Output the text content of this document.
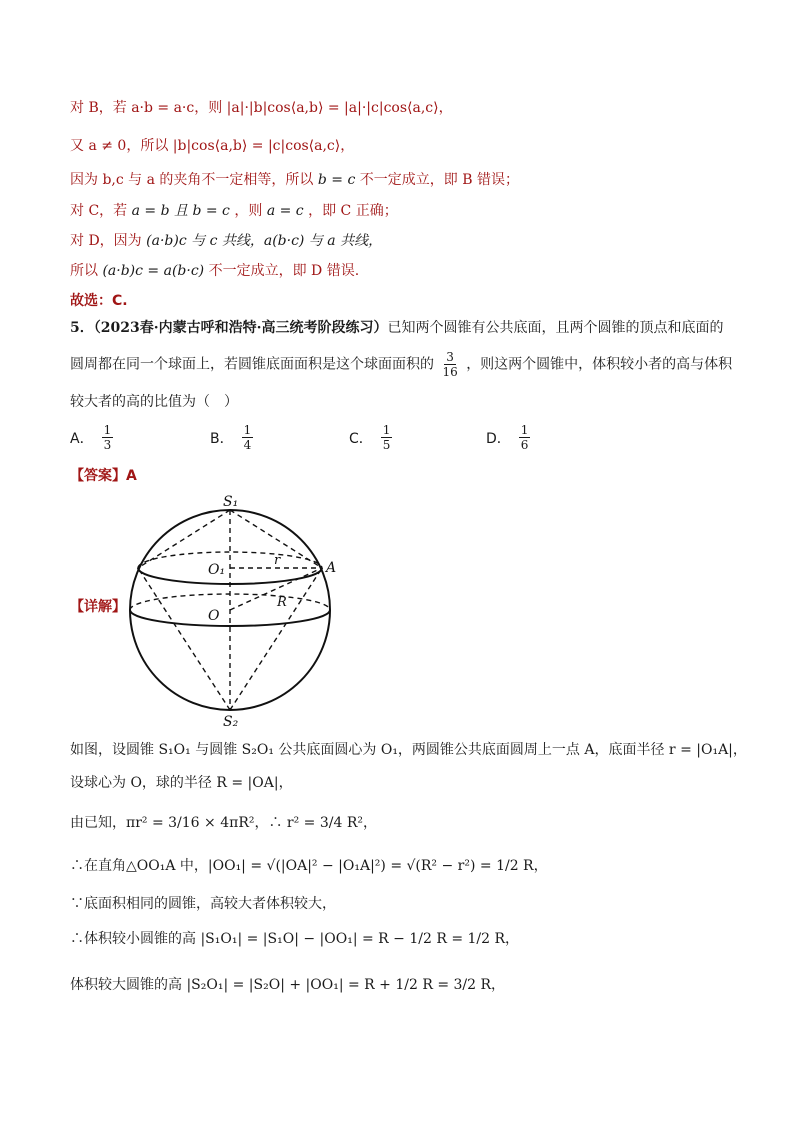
对 B，若 a·b = a·c，则 |a|·|b|cos⟨a,b⟩ = |a|·|c|cos⟨a,c⟩，
又 a ≠ 0，所以 |b|cos⟨a,b⟩ = |c|cos⟨a,c⟩，
因为 b,c 与 a 的夹角不一定相等，所以 b = c 不一定成立，即 B 错误；
对 C，若 a = b 且 b = c ，则 a = c ，即 C 正确；
对 D，因为 (a·b)c 与 c 共线，a(b·c) 与 a 共线，
所以 (a·b)c = a(b·c) 不一定成立，即 D 错误.
故选：C.
5．（2023春·内蒙古呼和浩特·高三统考阶段练习）已知两个圆锥有公共底面，且两个圆锥的顶点和底面的
圆周都在同一个球面上，若圆锥底面面积是这个球面面积的 $\frac{3}{16}$ ，则这两个圆锥中，体积较小者的高与体积
较大者的高的比值为（　）
A． $\frac{1}{3}$	B． $\frac{1}{4}$	C． $\frac{1}{5}$	D． $\frac{1}{6}$
【答案】A
【详解】
S₁
S₂
O₁
O
r
R
A
如图，设圆锥 S₁O₁ 与圆锥 S₂O₁ 公共底面圆心为 O₁，两圆锥公共底面圆周上一点 A，底面半径 r = |O₁A|，
设球心为 O，球的半径 R = |OA|，
由已知，πr² = 3/16 × 4πR²，∴ r² = 3/4 R²，
∴在直角△OO₁A 中，|OO₁| = √(|OA|² − |O₁A|²) = √(R² − r²) = 1/2 R，
∵底面积相同的圆锥，高较大者体积较大，
∴体积较小圆锥的高 |S₁O₁| = |S₁O| − |OO₁| = R − 1/2 R = 1/2 R，
体积较大圆锥的高 |S₂O₁| = |S₂O| + |OO₁| = R + 1/2 R = 3/2 R，
